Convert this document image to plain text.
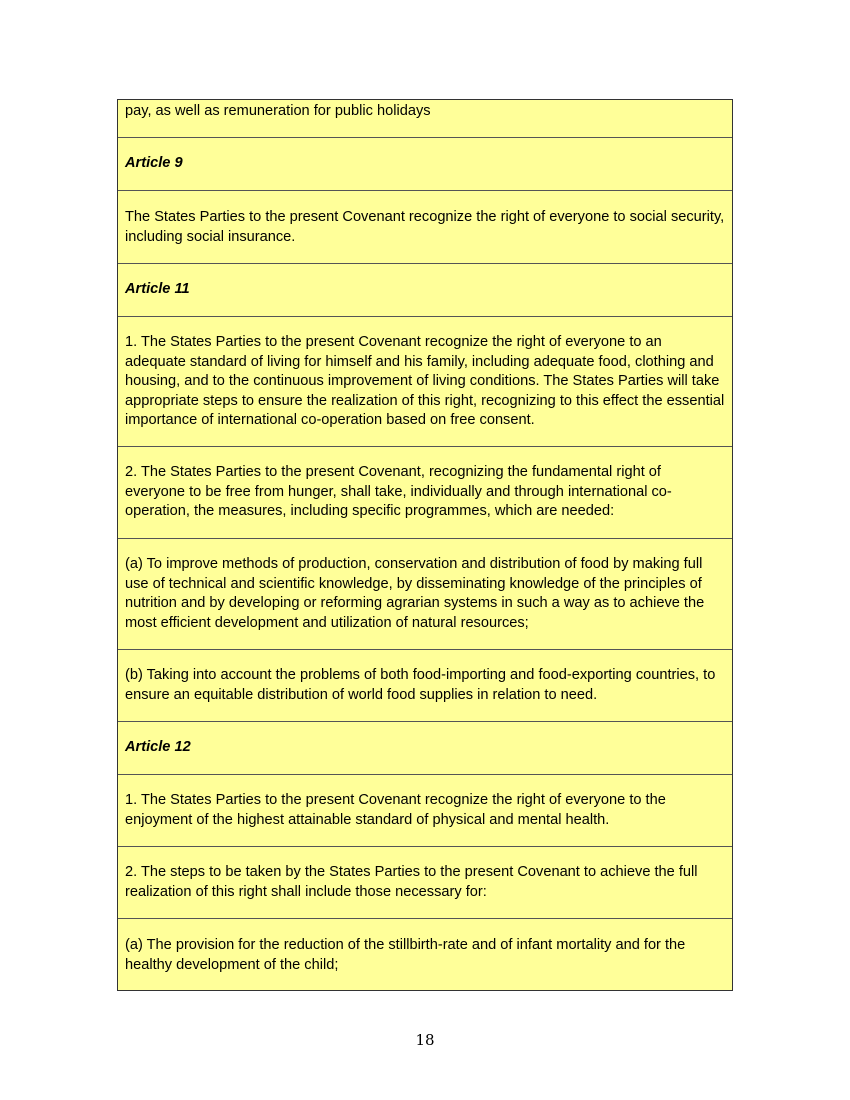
pay, as well as remuneration for public holidays
Article 9
The States Parties to the present Covenant recognize the right of everyone to social security, including social insurance.
Article 11
1. The States Parties to the present Covenant recognize the right of everyone to an adequate standard of living for himself and his family, including adequate food, clothing and housing, and to the continuous improvement of living conditions. The States Parties will take appropriate steps to ensure the realization of this right, recognizing to this effect the essential importance of international co-operation based on free consent.
2. The States Parties to the present Covenant, recognizing the fundamental right of everyone to be free from hunger, shall take, individually and through international co-operation, the measures, including specific programmes, which are needed:
(a) To improve methods of production, conservation and distribution of food by making full use of technical and scientific knowledge, by disseminating knowledge of the principles of nutrition and by developing or reforming agrarian systems in such a way as to achieve the most efficient development and utilization of natural resources;
(b) Taking into account the problems of both food-importing and food-exporting countries, to ensure an equitable distribution of world food supplies in relation to need.
Article 12
1. The States Parties to the present Covenant recognize the right of everyone to the enjoyment of the highest attainable standard of physical and mental health.
2. The steps to be taken by the States Parties to the present Covenant to achieve the full realization of this right shall include those necessary for:
(a) The provision for the reduction of the stillbirth-rate and of infant mortality and for the healthy development of the child;
18
